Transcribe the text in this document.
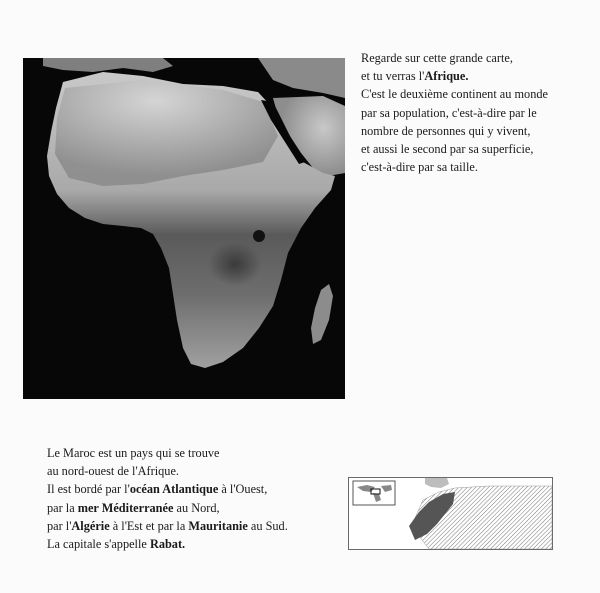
Regarde sur cette grande carte,
et tu verras l'Afrique.
C'est le deuxième continent au monde
par sa population, c'est-à-dire par le
nombre de personnes qui y vivent,
et aussi le second par sa superficie,
c'est-à-dire par sa taille.
Le Maroc est un pays qui se trouve
au nord-ouest de l'Afrique.
Il est bordé par l'océan Atlantique à l'Ouest,
par la mer Méditerranée au Nord,
par l'Algérie à l'Est et par la Mauritanie au Sud.
La capitale s'appelle Rabat.
